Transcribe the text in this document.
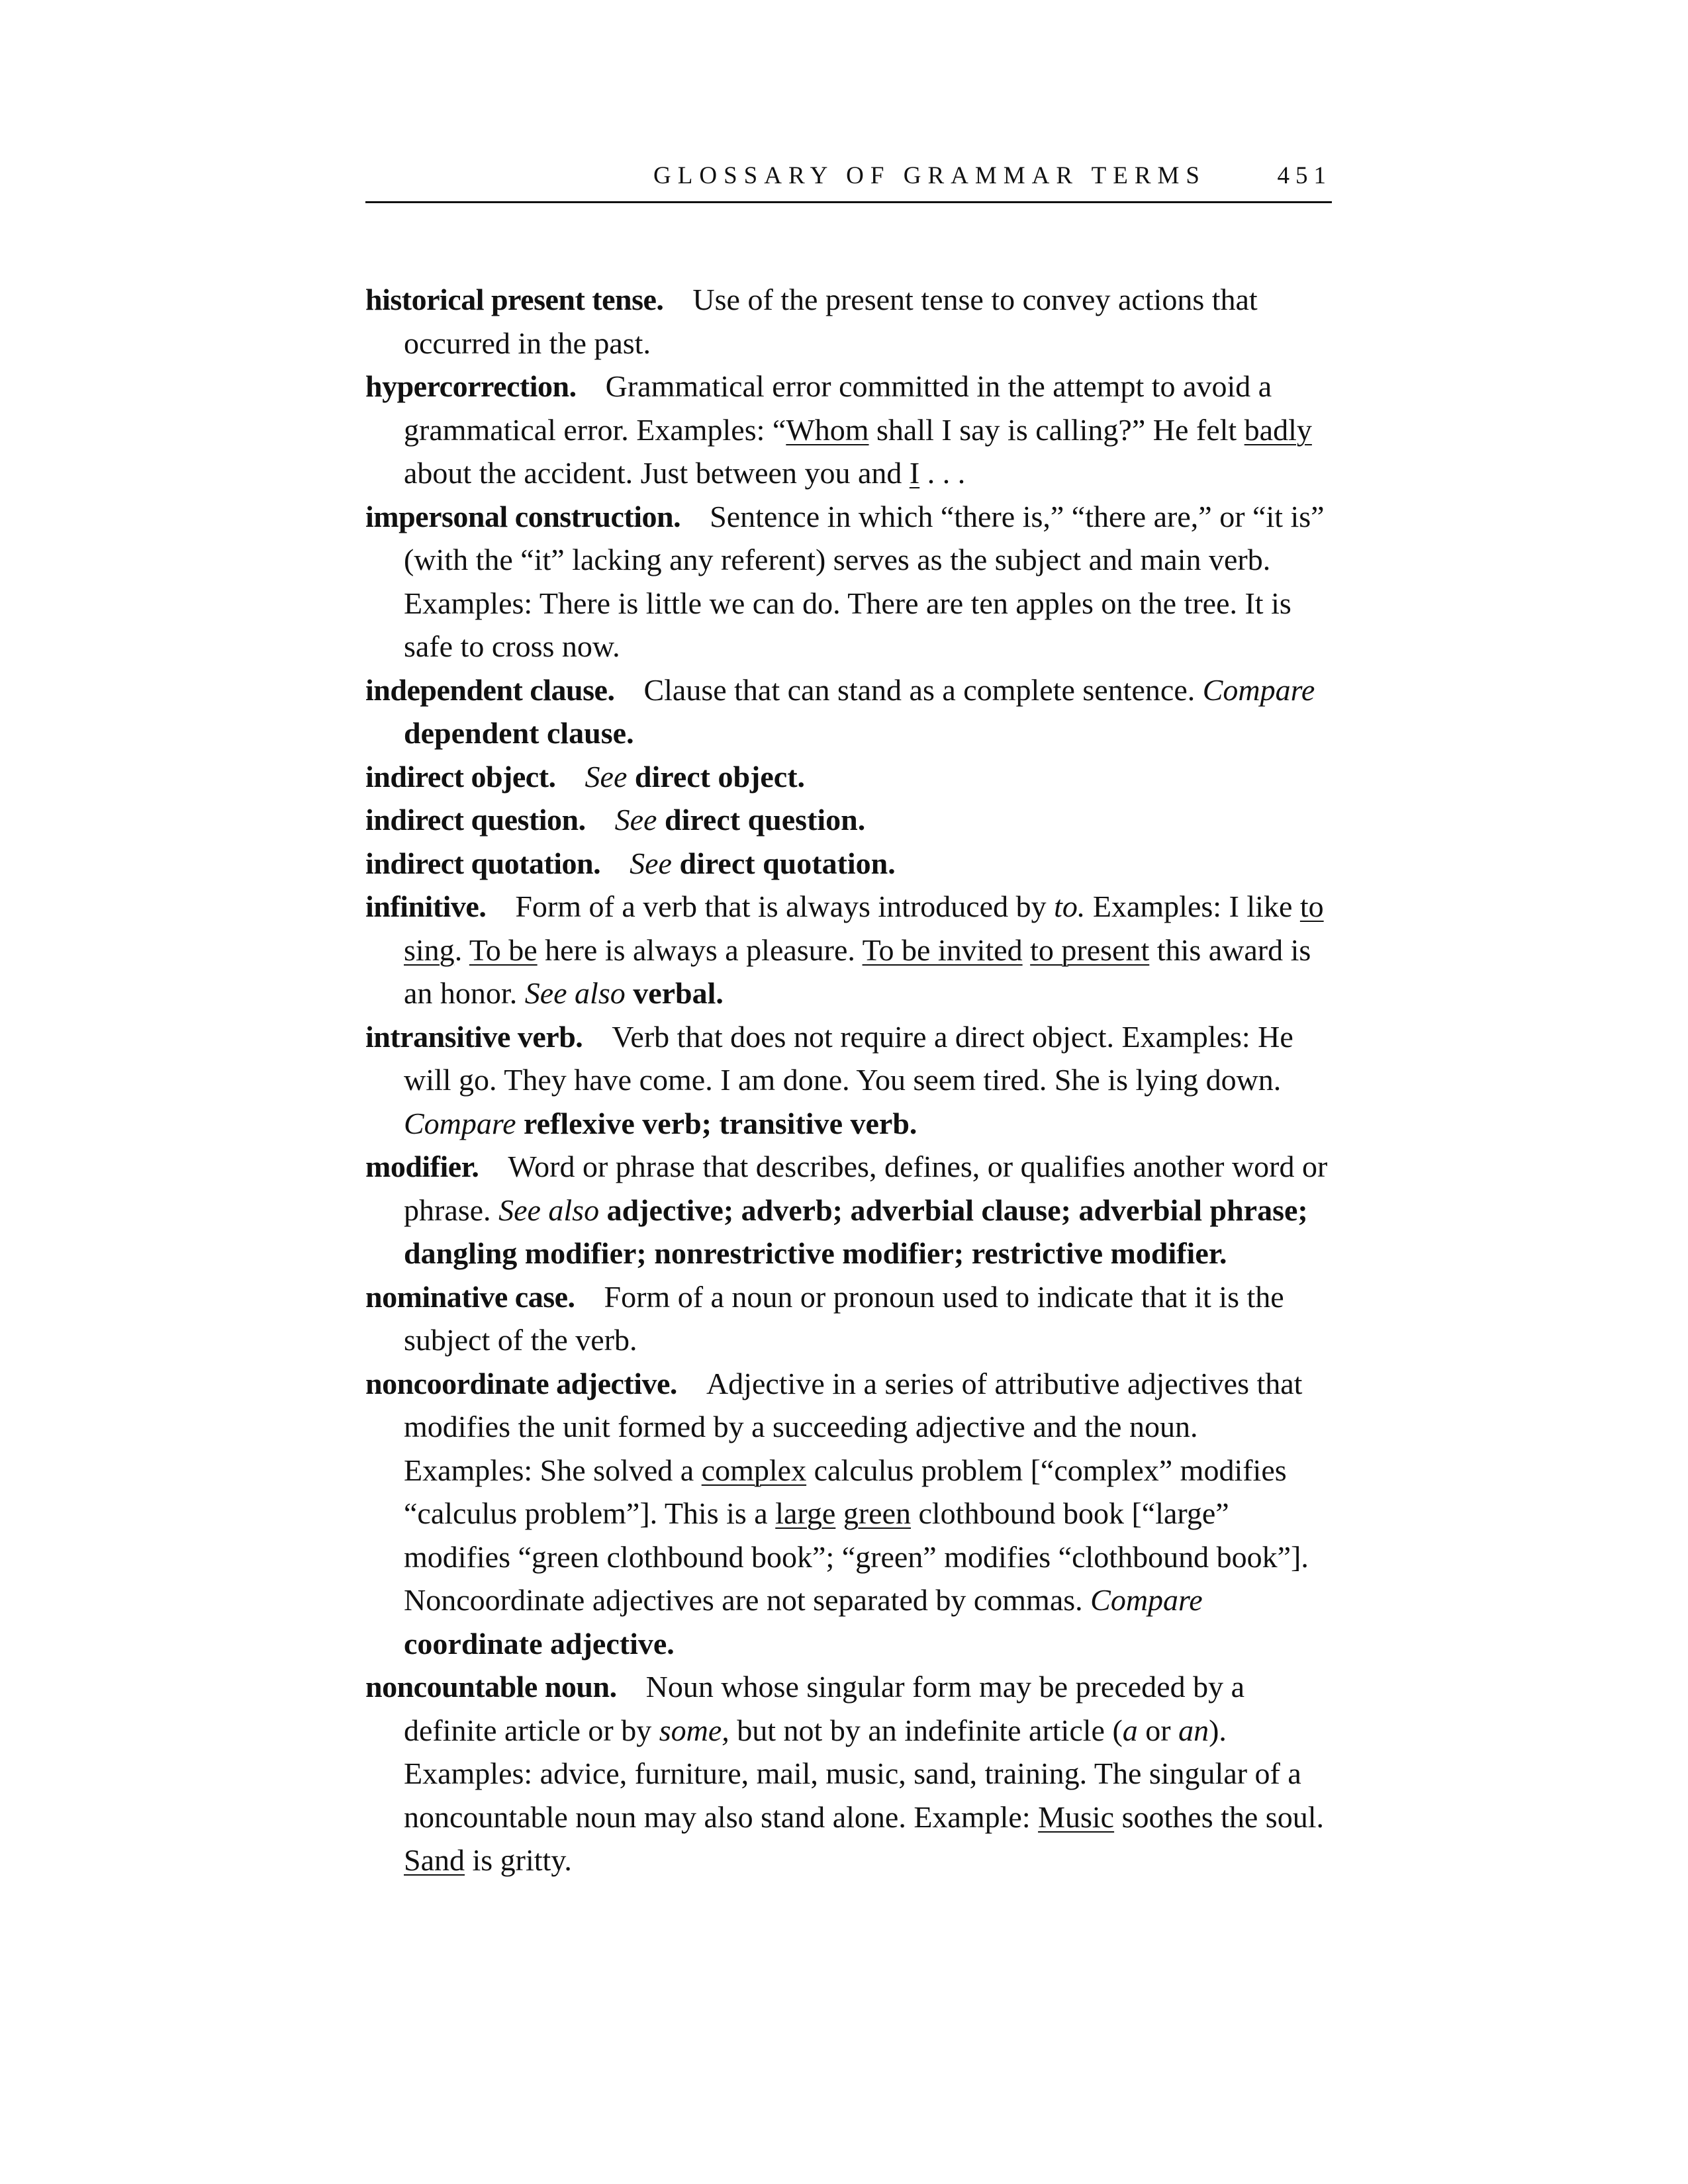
GLOSSARY OF GRAMMAR TERMS	451
historical present tense. Use of the present tense to convey actions that occurred in the past.
hypercorrection. Grammatical error committed in the attempt to avoid a grammatical error. Examples: “Whom shall I say is calling?” He felt badly about the accident. Just between you and I . . .
impersonal construction. Sentence in which “there is,” “there are,” or “it is” (with the “it” lacking any referent) serves as the subject and main verb. Examples: There is little we can do. There are ten apples on the tree. It is safe to cross now.
independent clause. Clause that can stand as a complete sentence. Compare dependent clause.
indirect object. See direct object.
indirect question. See direct question.
indirect quotation. See direct quotation.
infinitive. Form of a verb that is always introduced by to. Examples: I like to sing. To be here is always a pleasure. To be invited to present this award is an honor. See also verbal.
intransitive verb. Verb that does not require a direct object. Examples: He will go. They have come. I am done. You seem tired. She is lying down. Compare reflexive verb; transitive verb.
modifier. Word or phrase that describes, defines, or qualifies another word or phrase. See also adjective; adverb; adverbial clause; adverbial phrase; dangling modifier; nonrestrictive modifier; restrictive modifier.
nominative case. Form of a noun or pronoun used to indicate that it is the subject of the verb.
noncoordinate adjective. Adjective in a series of attributive adjectives that modifies the unit formed by a succeeding adjective and the noun. Examples: She solved a complex calculus problem [“complex” modifies “calculus problem”]. This is a large green clothbound book [“large” modifies “green clothbound book”; “green” modifies “clothbound book”]. Noncoordinate adjectives are not separated by commas. Compare coordinate adjective.
noncountable noun. Noun whose singular form may be preceded by a definite article or by some, but not by an indefinite article (a or an). Examples: advice, furniture, mail, music, sand, training. The singular of a noncountable noun may also stand alone. Example: Music soothes the soul. Sand is gritty.
